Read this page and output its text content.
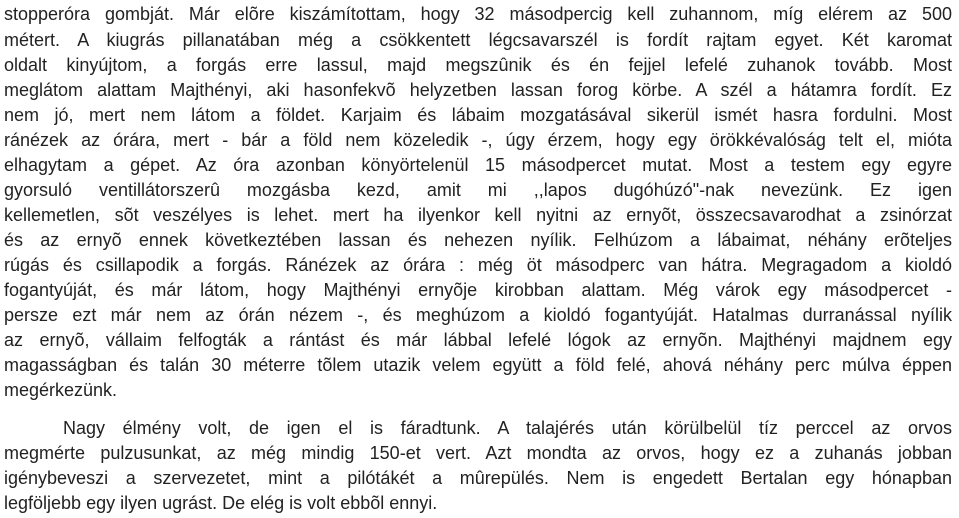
stopperóra gombját. Már elõre kiszámítottam, hogy 32 másodpercig kell zuhannom, míg elérem az 500
métert. A kiugrás pillanatában még a csökkentett légcsavarszél is fordít rajtam egyet. Két karomat
oldalt kinyújtom, a forgás erre lassul, majd megszûnik és én fejjel lefelé zuhanok tovább. Most
meglátom alattam Majthényi, aki hasonfekvõ helyzetben lassan forog körbe. A szél a hátamra fordít. Ez
nem jó, mert nem látom a földet. Karjaim és lábaim mozgatásával sikerül ismét hasra fordulni. Most
ránézek az órára, mert - bár a föld nem közeledik -, úgy érzem, hogy egy örökkévalóság telt el, mióta
elhagytam a gépet. Az óra azonban könyörtelenül 15 másodpercet mutat. Most a testem egy egyre
gyorsuló ventillátorszerû mozgásba kezd, amit mi ,,lapos dugóhúzó"-nak nevezünk. Ez igen
kellemetlen, sõt veszélyes is lehet. mert ha ilyenkor kell nyitni az ernyõt, összecsavarodhat a zsinórzat
és az ernyõ ennek következtében lassan és nehezen nyílik. Felhúzom a lábaimat, néhány erõteljes
rúgás és csillapodik a forgás. Ránézek az órára : még öt másodperc van hátra. Megragadom a kioldó
fogantyúját, és már látom, hogy Majthényi ernyõje kirobban alattam. Még várok egy másodpercet -
persze ezt már nem az órán nézem -, és meghúzom a kioldó fogantyúját. Hatalmas durranással nyílik
az ernyõ, vállaim felfogták a rántást és már lábbal lefelé lógok az ernyõn. Majthényi majdnem egy
magasságban és talán 30 méterre tõlem utazik velem együtt a föld felé, ahová néhány perc múlva éppen
megérkezünk.
Nagy élmény volt, de igen el is fáradtunk. A talajérés után körülbelül tíz perccel az orvos
megmérte pulzusunkat, az még mindig 150-et vert. Azt mondta az orvos, hogy ez a zuhanás jobban
igénybeveszi a szervezetet, mint a pilótákét a mûrepülés. Nem is engedett Bertalan egy hónapban
legföljebb egy ilyen ugrást. De elég is volt ebbõl ennyi.
